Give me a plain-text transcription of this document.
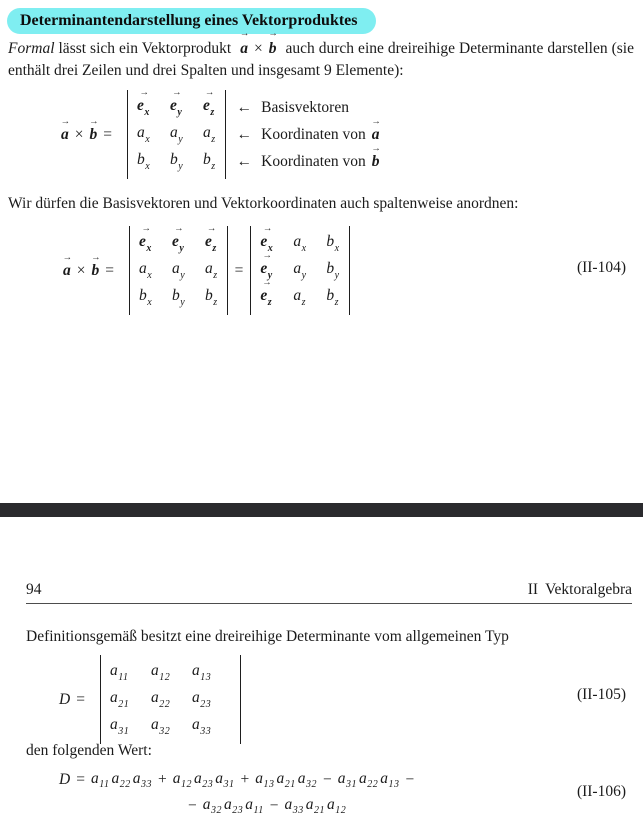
Determinantendarstellung eines Vektorproduktes

Formal lässt sich ein Vektorprodukt → a × → b auch durch eine dreireihige Determinante darstellen (sie enthält drei Zeilen und drei Spalten und insgesamt 9 Elemente):

→ a × → b =
→ $e_x \to e_y \to e_z$
$a_x$ $a_y$ $a_z$
$b_x$ $b_y$ $b_z$
← Basisvektoren
← Koordinaten von → a
← Koordinaten von → b

Wir dürfen die Basisvektoren und Vektorkoordinaten auch spaltenweise anordnen:

→ a × → b =
→ $e_x \to e_y \to e_z$
$a_x$ $a_y$ $a_z$
$b_x$ $b_y$ $b_z$
=
→ $e_x$ $a_x$ $b_x$
→ $e_y$ $a_y$ $b_y$
→ $e_z$ $a_z$ $b_z$
(II-104)
94	II Vektoralgebra

Definitionsgemäß besitzt eine dreireihige Determinante vom allgemeinen Typ

D =
$a_{11}$ $a_{12}$ $a_{13}$
$a_{21}$ $a_{22}$ $a_{23}$
$a_{31}$ $a_{32}$ $a_{33}$
(II-105)

den folgenden Wert:

$D = a_{11}$ $a_{22}$ $a_{33} + a_{12}$ $a_{23}$ $a_{31} + a_{13}$ $a_{21}$ $a_{32} - a_{31}$ $a_{22}$ $a_{13}$ −
− $a_{32}$ $a_{23}$ $a_{11} - a_{33}$ $a_{21}$ $a_{12}$
(II-106)
